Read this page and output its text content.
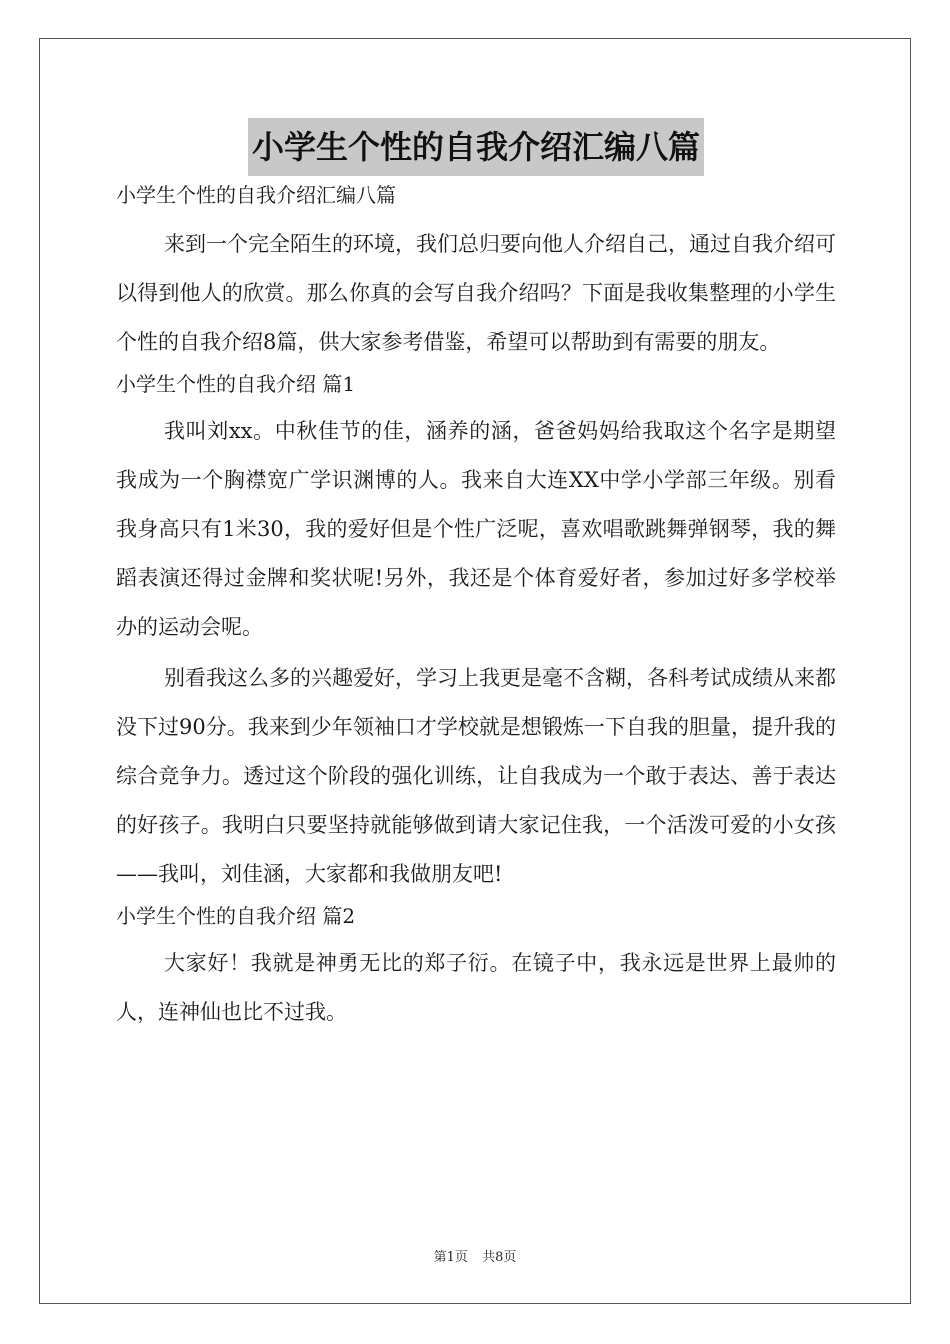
小学生个性的自我介绍汇编八篇

小学生个性的自我介绍汇编八篇

来到一个完全陌生的环境，我们总归要向他人介绍自己，通过自我介绍可以得到他人的欣赏。那么你真的会写自我介绍吗？下面是我收集整理的小学生个性的自我介绍8篇，供大家参考借鉴，希望可以帮助到有需要的朋友。

小学生个性的自我介绍 篇1

我叫刘xx。中秋佳节的佳，涵养的涵，爸爸妈妈给我取这个名字是期望我成为一个胸襟宽广学识渊博的人。我来自大连XX中学小学部三年级。别看我身高只有1米30，我的爱好但是个性广泛呢，喜欢唱歌跳舞弹钢琴，我的舞蹈表演还得过金牌和奖状呢!另外，我还是个体育爱好者，参加过好多学校举办的运动会呢。

别看我这么多的兴趣爱好，学习上我更是毫不含糊，各科考试成绩从来都没下过90分。我来到少年领袖口才学校就是想锻炼一下自我的胆量，提升我的综合竞争力。透过这个阶段的强化训练，让自我成为一个敢于表达、善于表达的好孩子。我明白只要坚持就能够做到请大家记住我，一个活泼可爱的小女孩——我叫，刘佳涵，大家都和我做朋友吧!

小学生个性的自我介绍 篇2

大家好！我就是神勇无比的郑子衍。在镜子中，我永远是世界上最帅的人，连神仙也比不过我。

第1页 共8页
